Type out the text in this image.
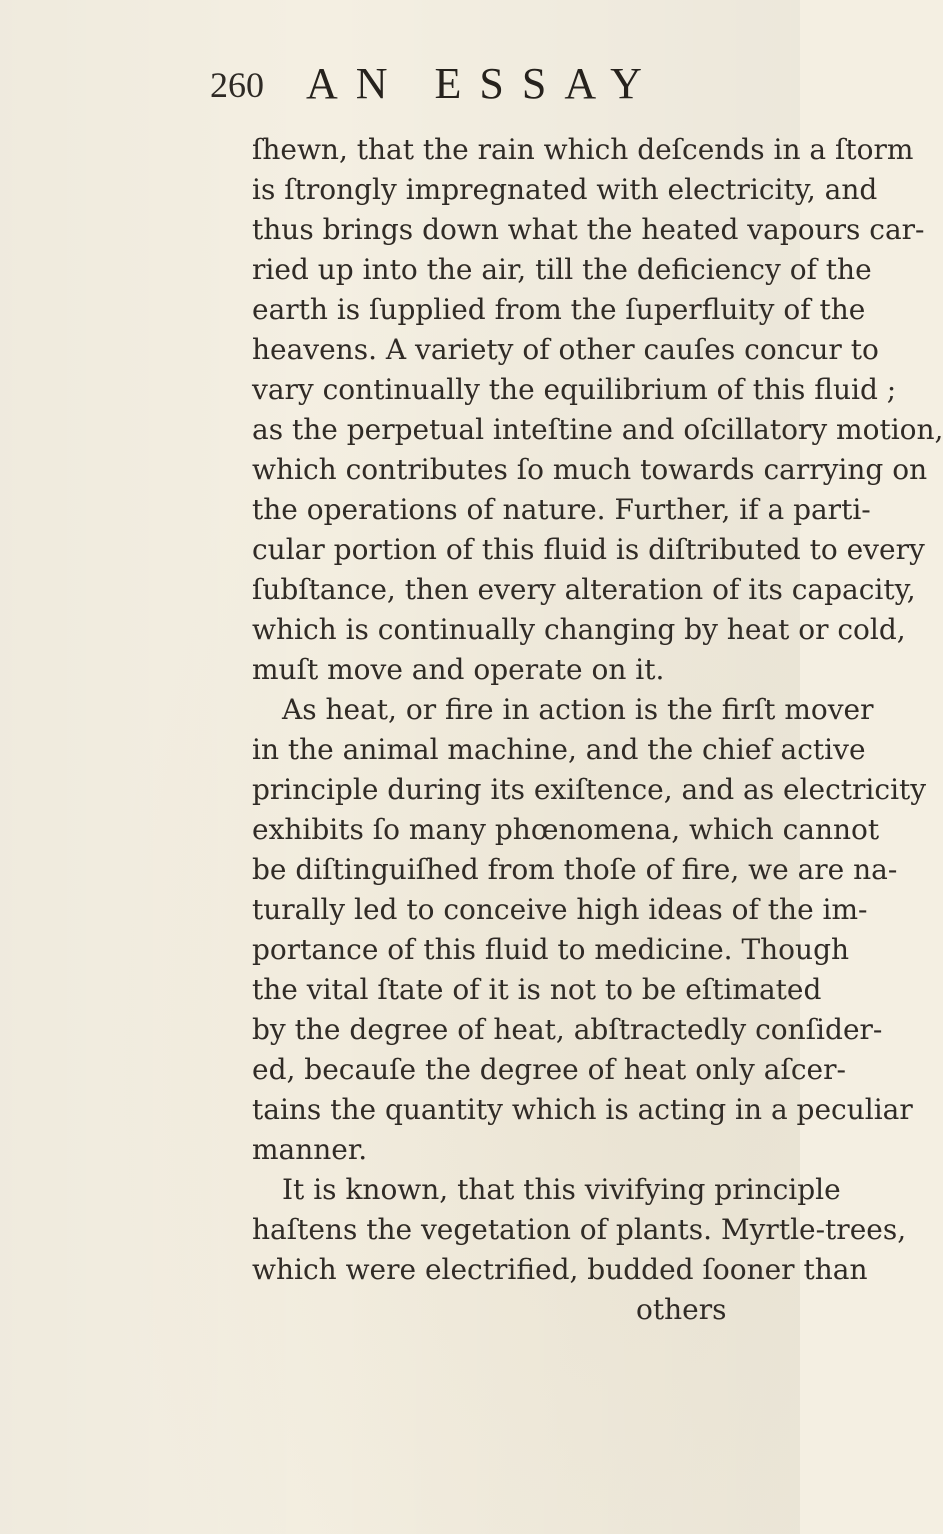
260 AN ESSAY
ſhewn, that the rain which deſcends in a ſtorm
is ſtrongly impregnated with electricity, and
thus brings down what the heated vapours car-
ried up into the air, till the deficiency of the
earth is ſupplied from the ſuperfluity of the
heavens. A variety of other cauſes concur to
vary continually the equilibrium of this fluid ;
as the perpetual inteſtine and oſcillatory motion,
which contributes ſo much towards carrying on
the operations of nature. Further, if a parti-
cular portion of this fluid is diſtributed to every
ſubſtance, then every alteration of its capacity,
which is continually changing by heat or cold,
muſt move and operate on it.
As heat, or fire in action is the firſt mover
in the animal machine, and the chief active
principle during its exiſtence, and as electricity
exhibits ſo many phœnomena, which cannot
be diſtinguiſhed from thoſe of fire, we are na-
turally led to conceive high ideas of the im-
portance of this fluid to medicine. Though
the vital ſtate of it is not to be eſtimated
by the degree of heat, abſtractedly conſider-
ed, becauſe the degree of heat only aſcer-
tains the quantity which is acting in a peculiar
manner.
It is known, that this vivifying principle
haſtens the vegetation of plants. Myrtle-trees,
which were electrified, budded ſooner than
others
